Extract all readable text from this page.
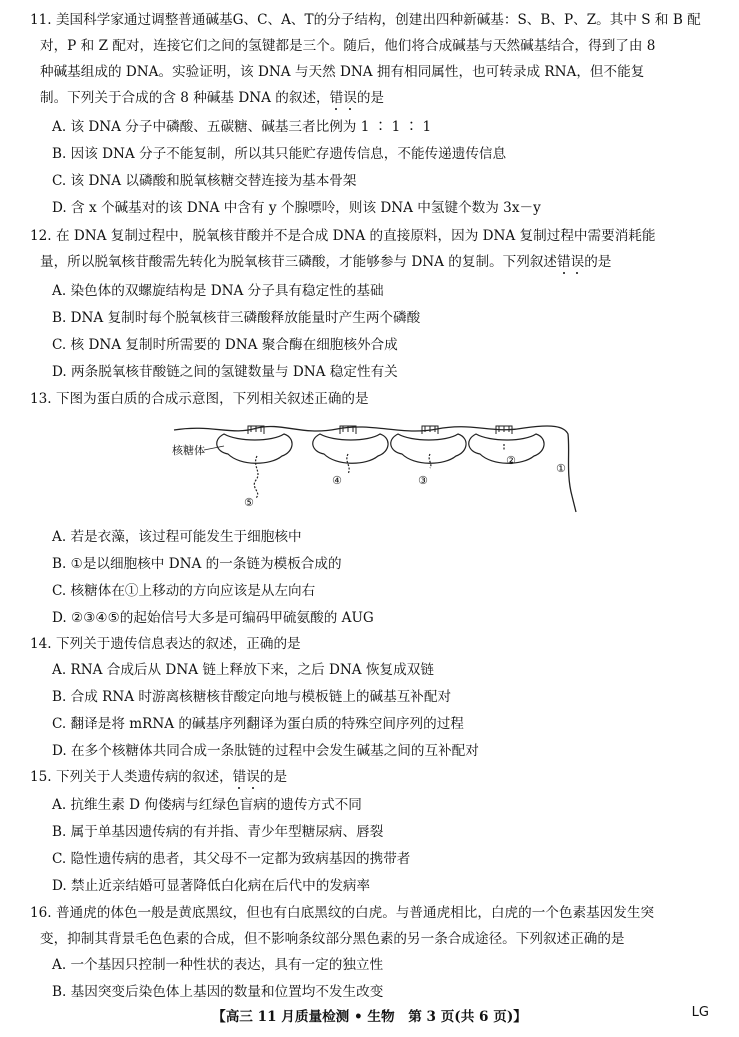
11. 美国科学家通过调整普通碱基G、C、A、T的分子结构，创建出四种新碱基：S、B、P、Z。其中 S 和 B 配
对，P 和 Z 配对，连接它们之间的氢键都是三个。随后，他们将合成碱基与天然碱基结合，得到了由 8
种碱基组成的 DNA。实验证明，该 DNA 与天然 DNA 拥有相同属性，也可转录成 RNA，但不能复
制。下列关于合成的含 8 种碱基 DNA 的叙述，错误的是
A. 该 DNA 分子中磷酸、五碳糖、碱基三者比例为 1 ∶ 1 ∶ 1
B. 因该 DNA 分子不能复制，所以其只能贮存遗传信息，不能传递遗传信息
C. 该 DNA 以磷酸和脱氧核糖交替连接为基本骨架
D. 含 x 个碱基对的该 DNA 中含有 y 个腺嘌呤，则该 DNA 中氢键个数为 3x－y
12. 在 DNA 复制过程中，脱氧核苷酸并不是合成 DNA 的直接原料，因为 DNA 复制过程中需要消耗能
量，所以脱氧核苷酸需先转化为脱氧核苷三磷酸，才能够参与 DNA 的复制。下列叙述错误的是
A. 染色体的双螺旋结构是 DNA 分子具有稳定性的基础
B. DNA 复制时每个脱氧核苷三磷酸释放能量时产生两个磷酸
C. 核 DNA 复制时所需要的 DNA 聚合酶在细胞核外合成
D. 两条脱氧核苷酸链之间的氢键数量与 DNA 稳定性有关
13. 下图为蛋白质的合成示意图，下列相关叙述正确的是
核糖体
⑤
④	③
②
①
A. 若是衣藻，该过程可能发生于细胞核中
B. ①是以细胞核中 DNA 的一条链为模板合成的
C. 核糖体在①上移动的方向应该是从左向右
D. ②③④⑤的起始信号大多是可编码甲硫氨酸的 AUG
14. 下列关于遗传信息表达的叙述，正确的是
A. RNA 合成后从 DNA 链上释放下来，之后 DNA 恢复成双链
B. 合成 RNA 时游离核糖核苷酸定向地与模板链上的碱基互补配对
C. 翻译是将 mRNA 的碱基序列翻译为蛋白质的特殊空间序列的过程
D. 在多个核糖体共同合成一条肽链的过程中会发生碱基之间的互补配对
15. 下列关于人类遗传病的叙述，错误的是
A. 抗维生素 D 佝偻病与红绿色盲病的遗传方式不同
B. 属于单基因遗传病的有并指、青少年型糖尿病、唇裂
C. 隐性遗传病的患者，其父母不一定都为致病基因的携带者
D. 禁止近亲结婚可显著降低白化病在后代中的发病率
16. 普通虎的体色一般是黄底黑纹，但也有白底黑纹的白虎。与普通虎相比，白虎的一个色素基因发生突
变，抑制其背景毛色色素的合成，但不影响条纹部分黑色素的另一条合成途径。下列叙述正确的是
A. 一个基因只控制一种性状的表达，具有一定的独立性
B. 基因突变后染色体上基因的数量和位置均不发生改变
【高三 11 月质量检测 • 生物　第 3 页(共 6 页)】	LG
